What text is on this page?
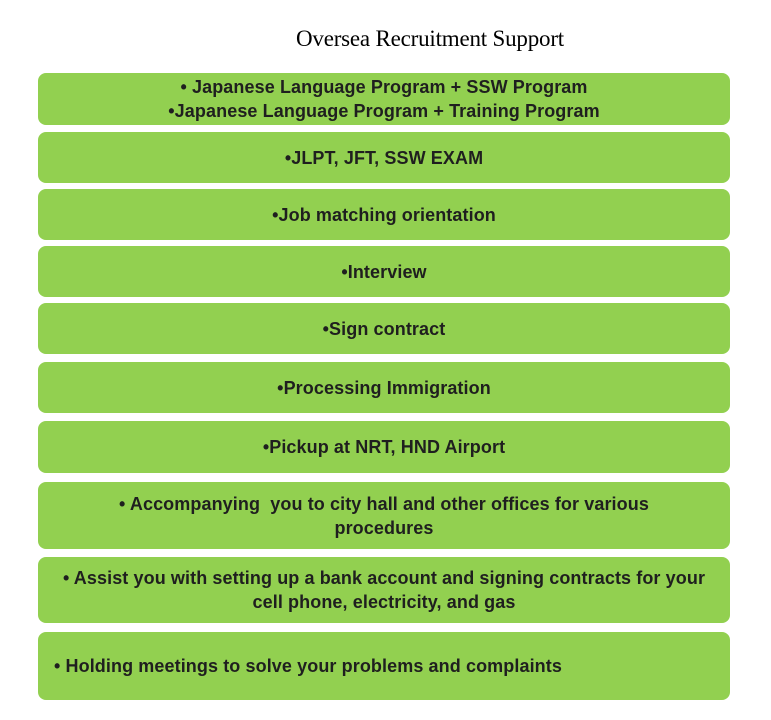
Oversea Recruitment Support
• Japanese Language Program + SSW Program
•Japanese Language Program + Training Program
•JLPT, JFT, SSW EXAM
•Job matching orientation
•Interview
•Sign contract
•Processing Immigration
•Pickup at NRT, HND Airport
• Accompanying  you to city hall and other offices for various
procedures
• Assist you with setting up a bank account and signing contracts for your
cell phone, electricity, and gas
• Holding meetings to solve your problems and complaints
